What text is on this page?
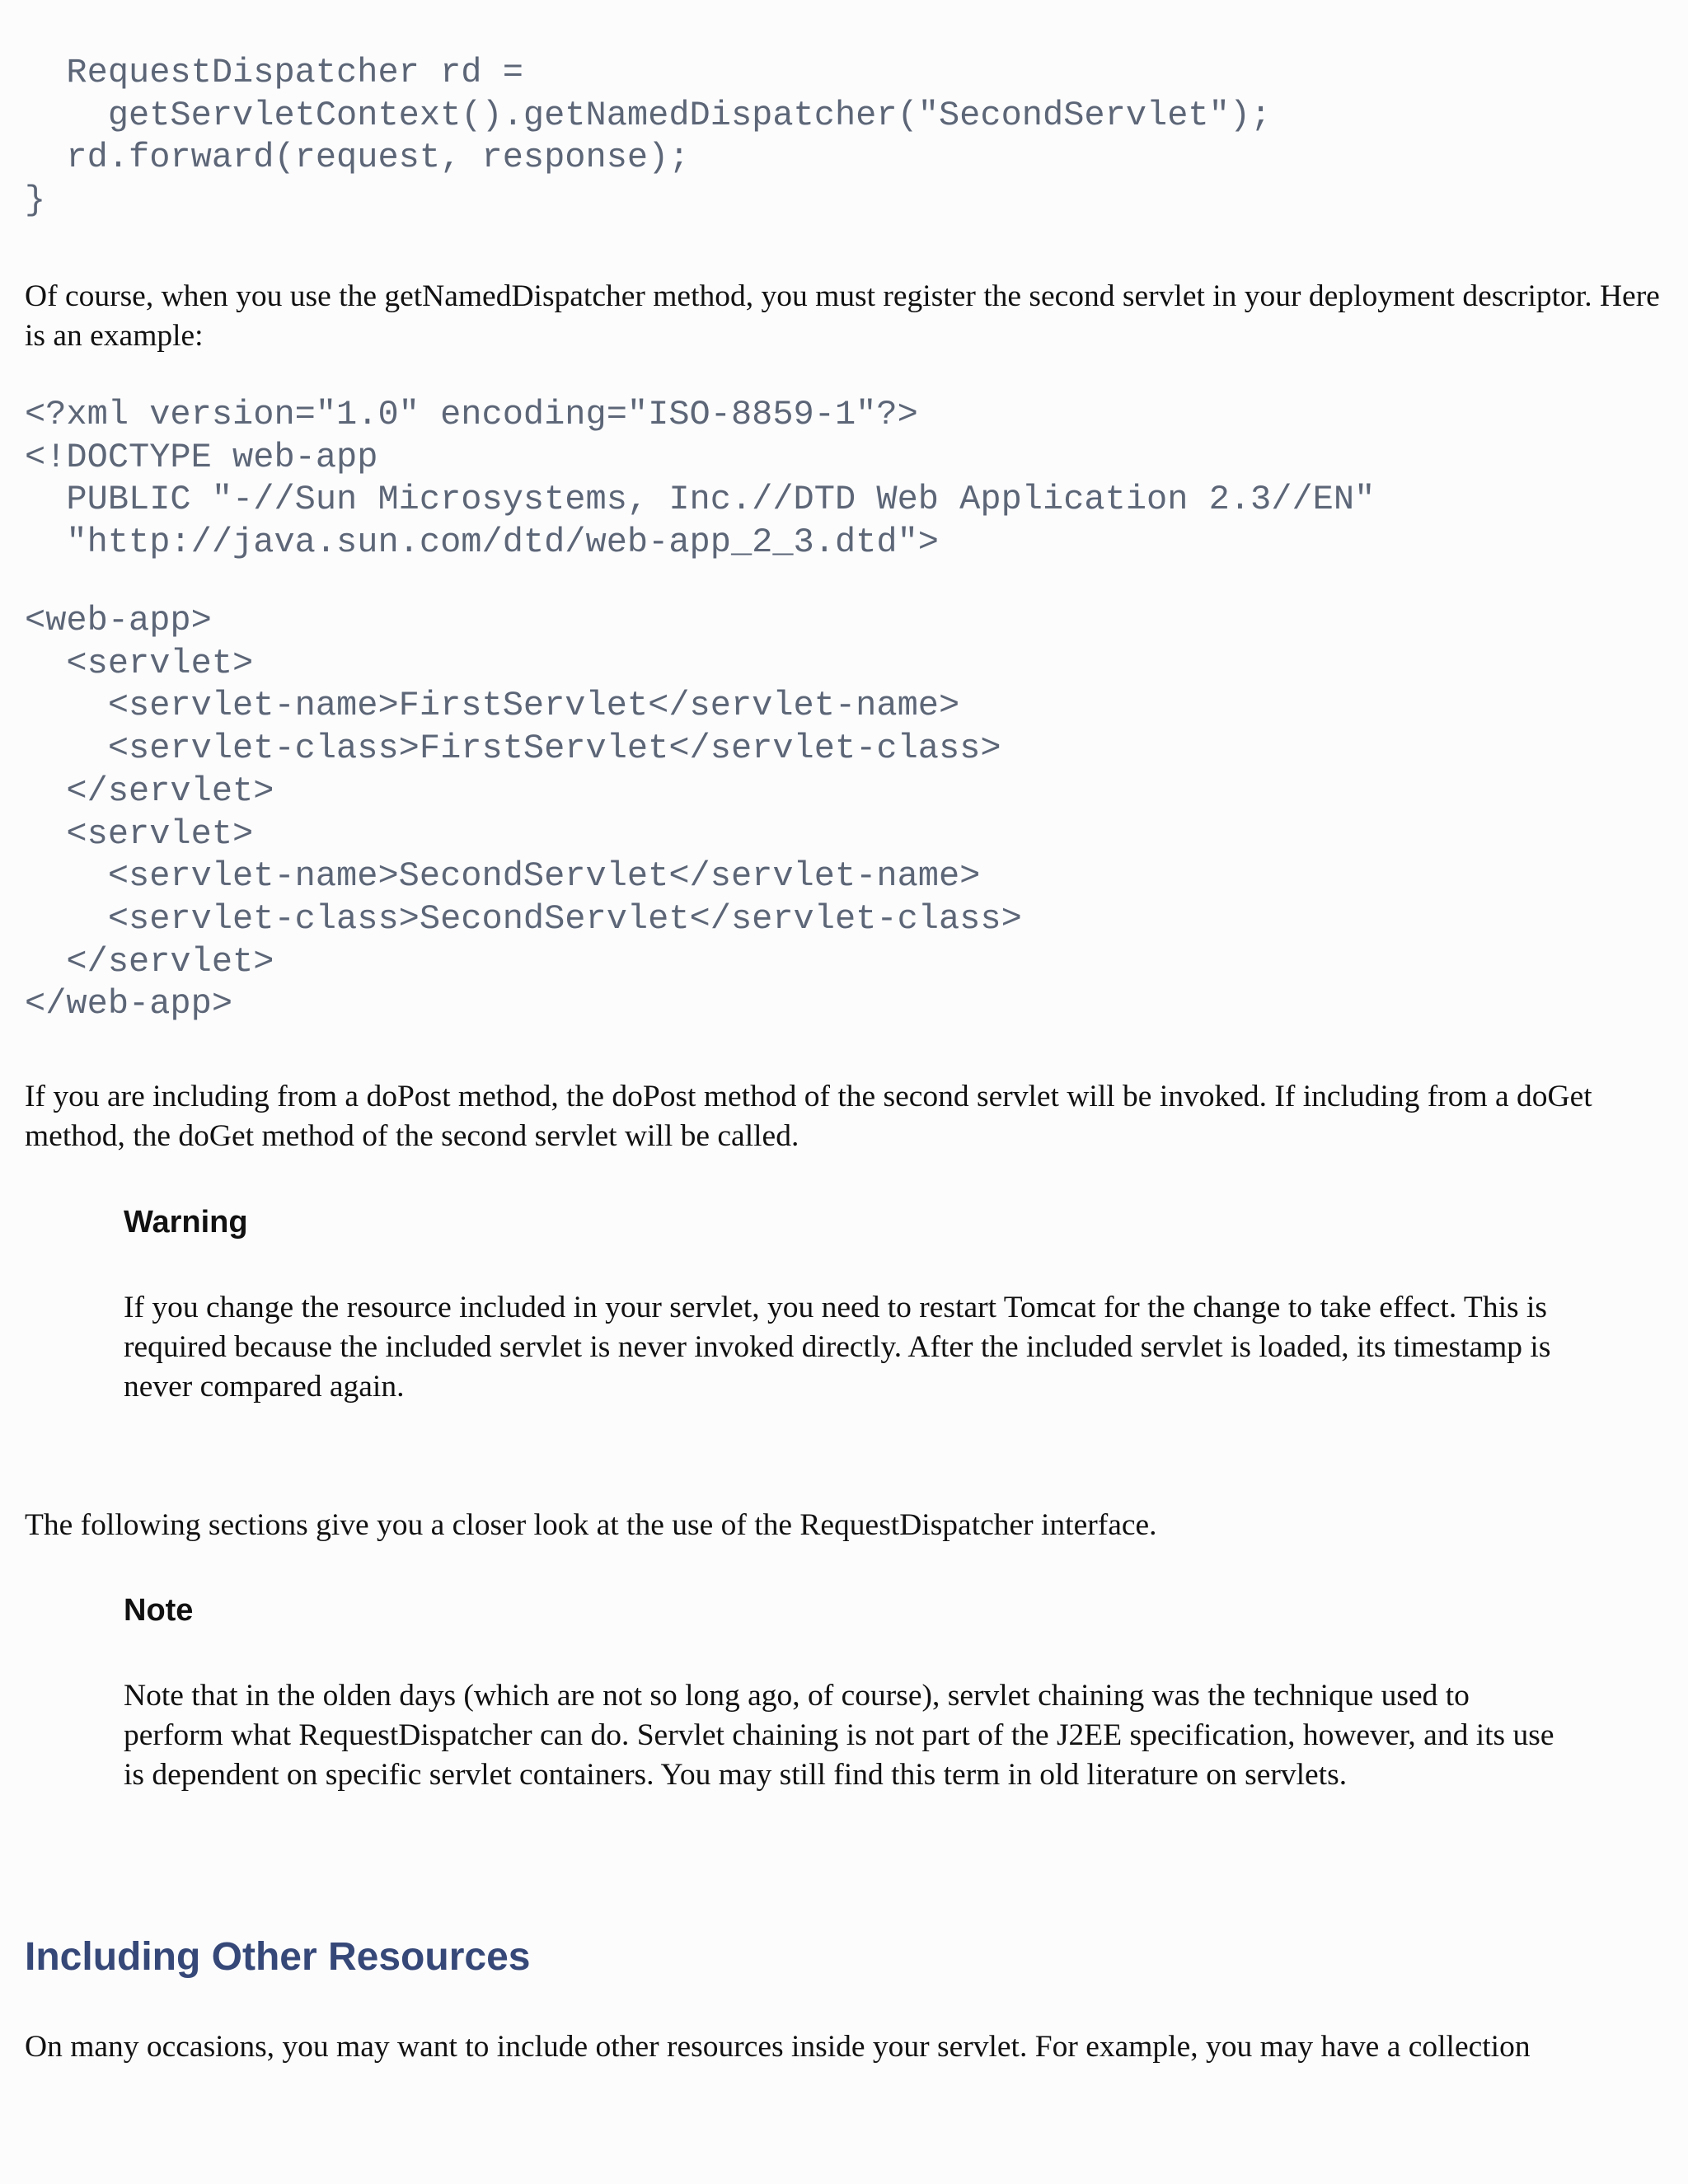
RequestDispatcher rd =
getServletContext().getNamedDispatcher("SecondServlet");
rd.forward(request, response);
}

Of course, when you use the getNamedDispatcher method, you must register the second servlet in your deployment descriptor. Here is an example:

<?xml version="1.0" encoding="ISO-8859-1"?>
<!DOCTYPE web-app
PUBLIC "-//Sun Microsystems, Inc.//DTD Web Application 2.3//EN"
"http://java.sun.com/dtd/web-app_2_3.dtd">
<web-app>
<servlet>
<servlet-name>FirstServlet</servlet-name>
<servlet-class>FirstServlet</servlet-class>
</servlet>
<servlet>
<servlet-name>SecondServlet</servlet-name>
<servlet-class>SecondServlet</servlet-class>
</servlet>
</web-app>

If you are including from a doPost method, the doPost method of the second servlet will be invoked. If including from a doGet method, the doGet method of the second servlet will be called.

Warning

If you change the resource included in your servlet, you need to restart Tomcat for the change to take effect. This is required because the included servlet is never invoked directly. After the included servlet is loaded, its timestamp is never compared again.

The following sections give you a closer look at the use of the RequestDispatcher interface.

Note

Note that in the olden days (which are not so long ago, of course), servlet chaining was the technique used to perform what RequestDispatcher can do. Servlet chaining is not part of the J2EE specification, however, and its use is dependent on specific servlet containers. You may still find this term in old literature on servlets.

Including Other Resources

On many occasions, you may want to include other resources inside your servlet. For example, you may have a collection
